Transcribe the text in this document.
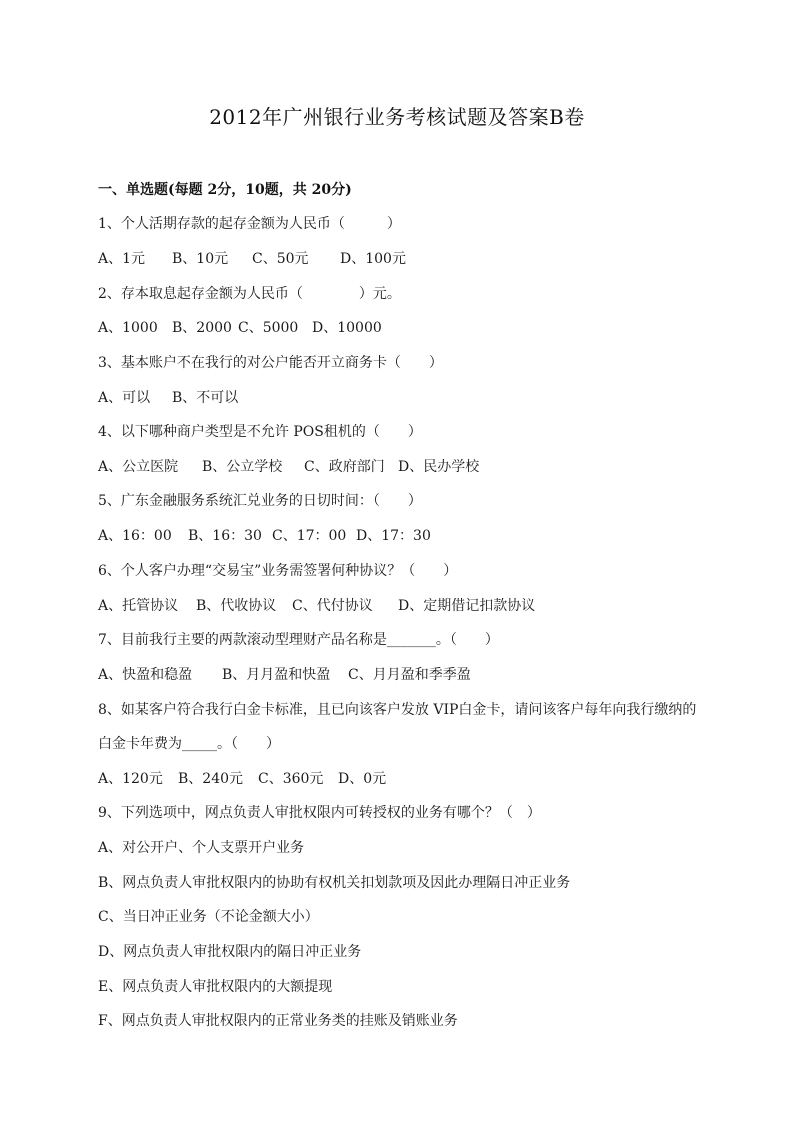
2012年广州银行业务考核试题及答案B卷
一、单选题(每题 2分，10题，共 20分)
1、个人活期存款的起存金额为人民币（　　　）

A、1元

B、10元

C、50元

D、100元

2、存本取息起存金额为人民币（　　　　）元。

A、1000

B、2000

C、5000

D、10000

3、基本账户不在我行的对公户能否开立商务卡（　　）

A、可以

B、不可以

4、以下哪种商户类型是不允许 POS租机的（　　）

A、公立医院

B、公立学校

C、政府部门

D、民办学校

5、广东金融服务系统汇兑业务的日切时间：（　　）

A、16：00

B、16：30

C、17：00

D、17：30

6、个人客户办理“交易宝”业务需签署何种协议？（　　）

A、托管协议

B、代收协议

C、代付协议

D、定期借记扣款协议

7、目前我行主要的两款滚动型理财产品名称是_______。（　　）

A、快盈和稳盈

B、月月盈和快盈

C、月月盈和季季盈

8、如某客户符合我行白金卡标准，且已向该客户发放 VIP白金卡，请问该客户每年向我行缴纳的
白金卡年费为_____。（　　）

A、120元

B、240元

C、360元

D、0元

9、下列选项中，网点负责人审批权限内可转授权的业务有哪个？（　）
A、对公开户、个人支票开户业务
B、网点负责人审批权限内的协助有权机关扣划款项及因此办理隔日冲正业务
C、当日冲正业务（不论金额大小）
D、网点负责人审批权限内的隔日冲正业务
E、网点负责人审批权限内的大额提现
F、网点负责人审批权限内的正常业务类的挂账及销账业务
